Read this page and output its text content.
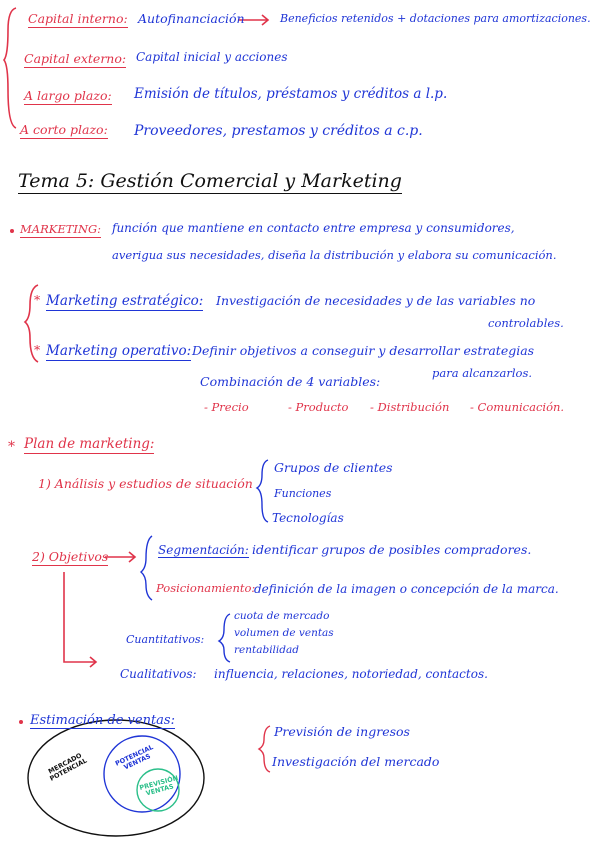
Capital interno: Autofinanciación	Beneficios retenidos + dotaciones para amortizaciones.
Capital externo: Capital inicial y acciones
A largo plazo: Emisión de títulos, préstamos y créditos a l.p.
A corto plazo: Proveedores, prestamos y créditos a c.p.
Tema 5: Gestión Comercial y Marketing
MARKETING: función que mantiene en contacto entre empresa y consumidores,
averigua sus necesidades, diseña la distribución y elabora su comunicación.
* Marketing estratégico: Investigación de necesidades y de las variables no
controlables.
* Marketing operativo: Definir objetivos a conseguir y desarrollar estrategias
para alcanzarlos.
Combinación de 4 variables:
- Precio	- Producto - Distribución - Comunicación.
* Plan de marketing:
1) Análisis y estudios de situación
Grupos de clientes
Funciones
Tecnologías
2) Objetivos	Segmentación: identificar grupos de posibles compradores.
Posicionamiento:
definición de la imagen o concepción de la marca.
Cuantitativos:
cuota de mercado
volumen de ventas
rentabilidad
Cualitativos: influencia, relaciones, notoriedad, contactos.
Estimación de ventas:
Previsión de ingresos
Investigación del mercado
MERCADO POTENCIAL
POTENCIAL VENTAS
PREVISIÓN VENTAS
